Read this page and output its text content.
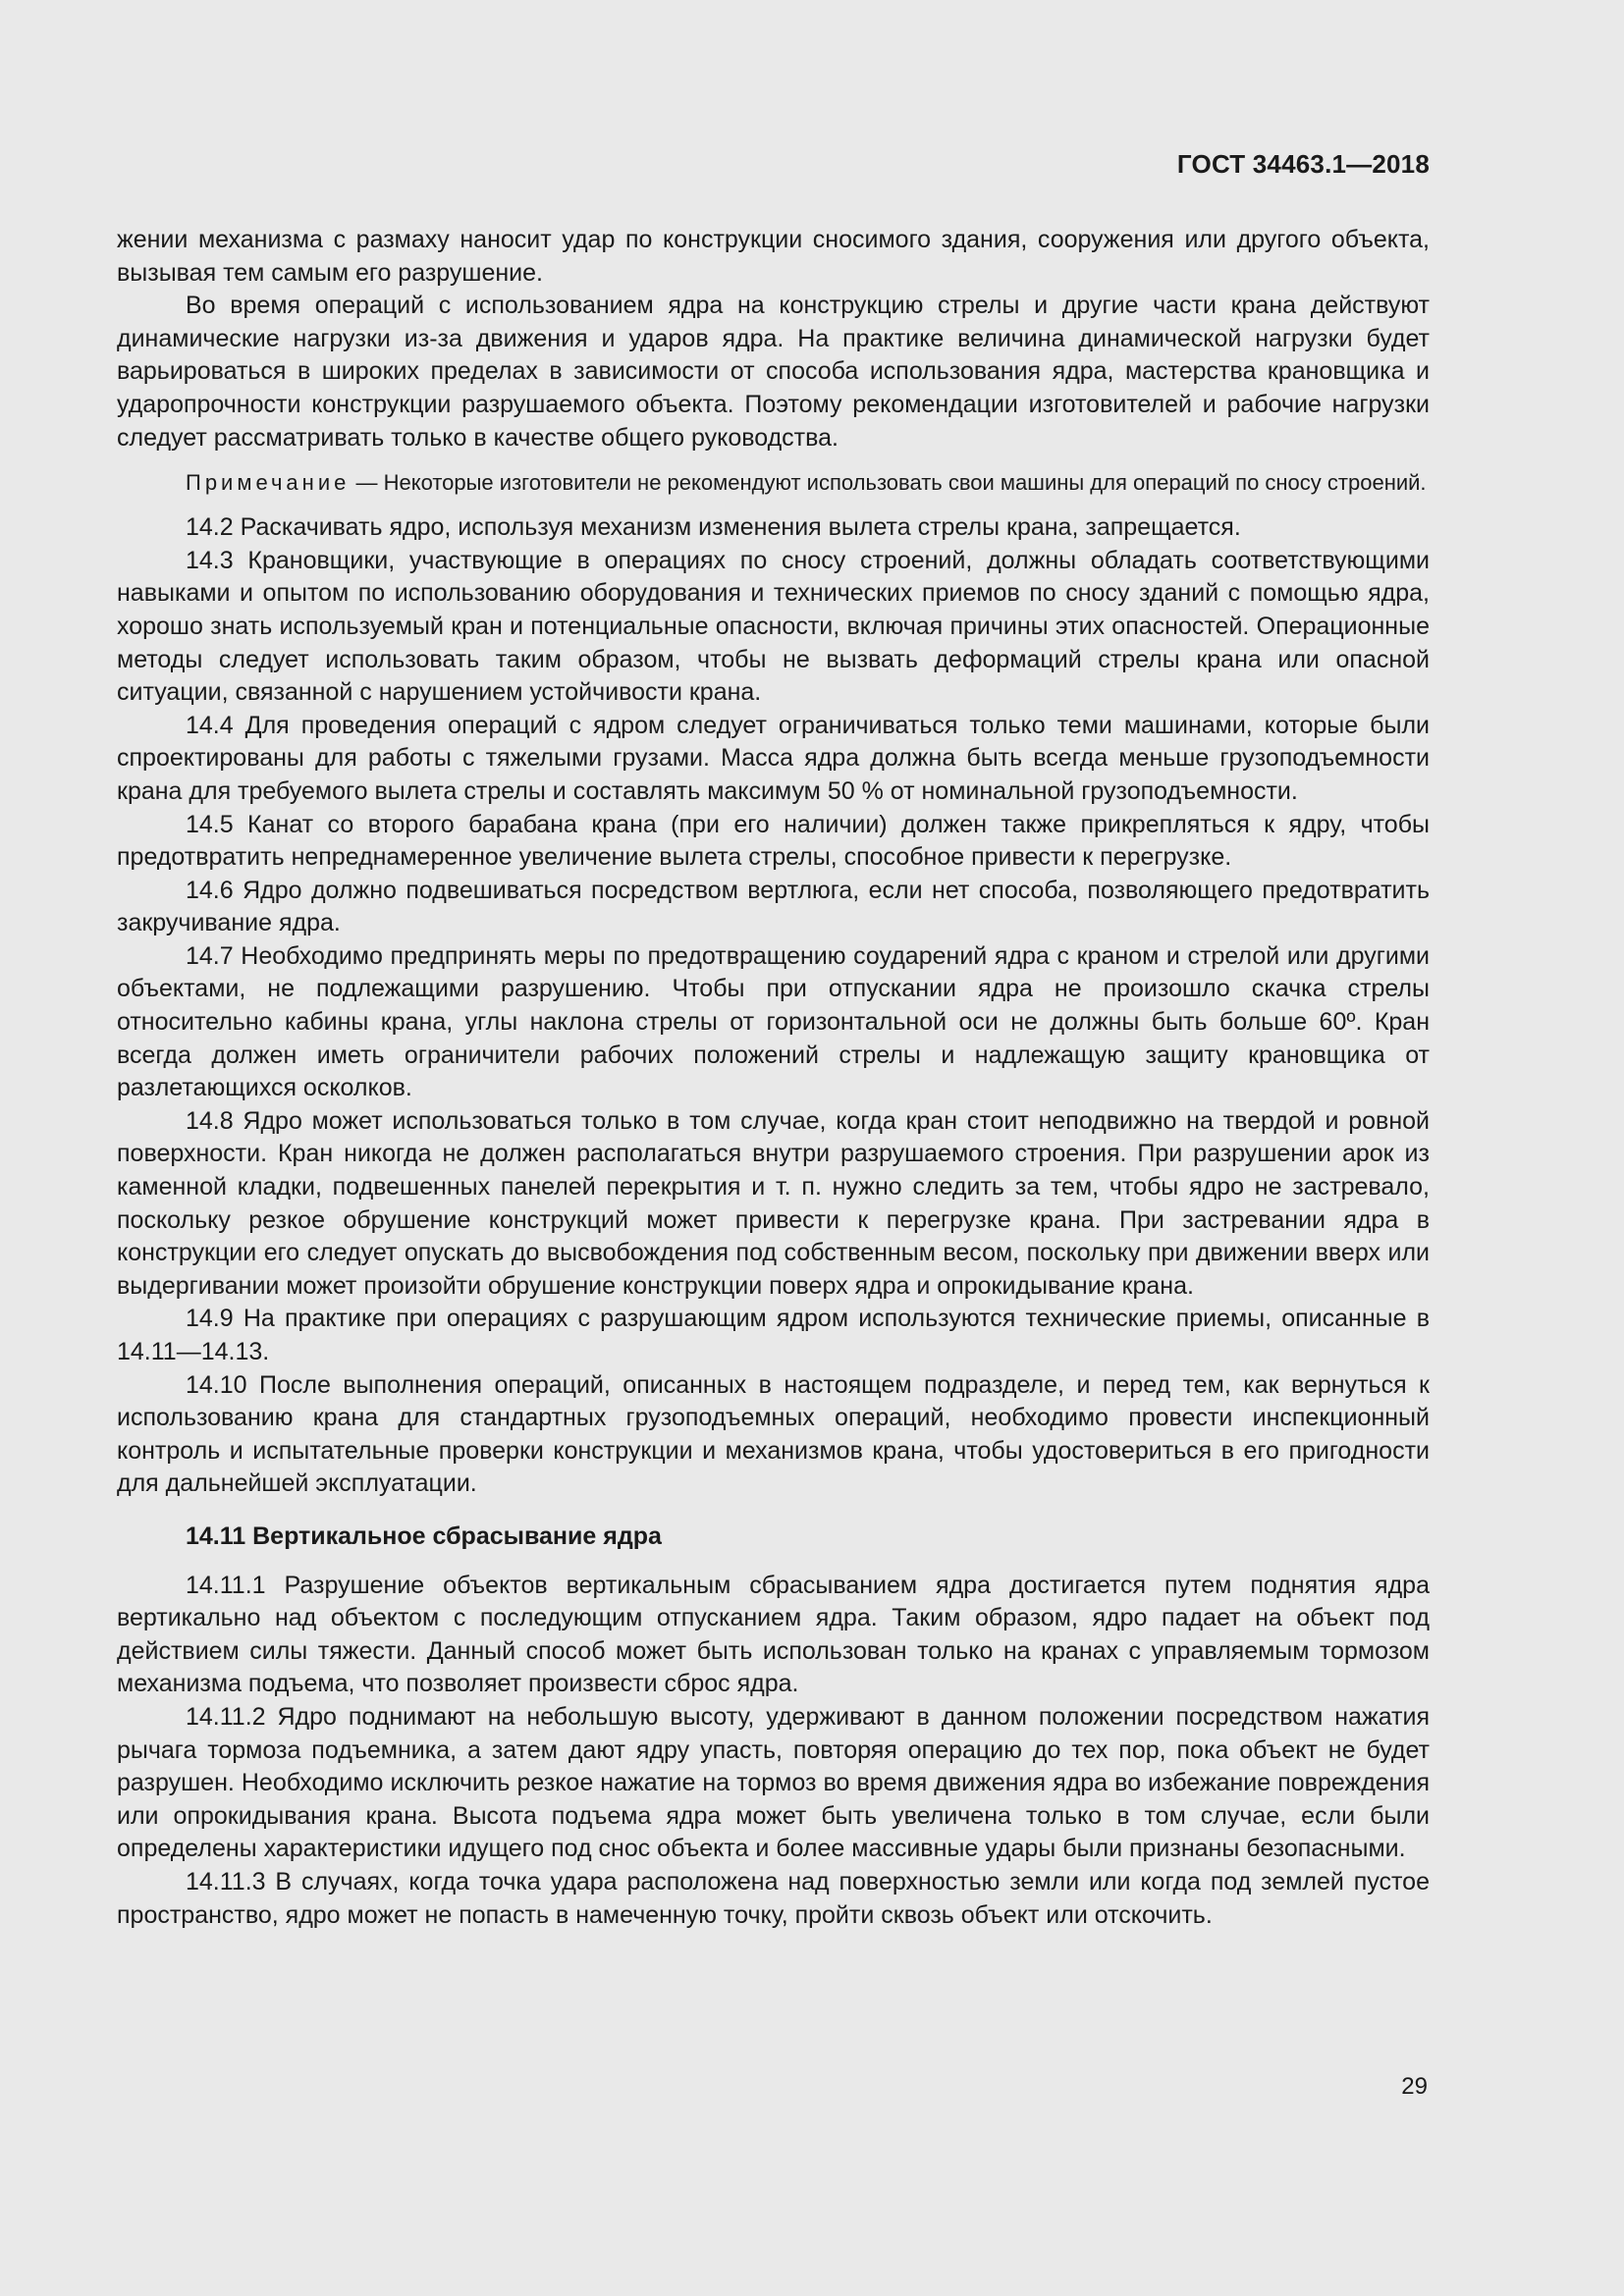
ГОСТ 34463.1—2018

жении механизма с размаху наносит удар по конструкции сносимого здания, сооружения или другого объекта, вызывая тем самым его разрушение.

Во время операций с использованием ядра на конструкцию стрелы и другие части крана действуют динамические нагрузки из-за движения и ударов ядра. На практике величина динамической нагрузки будет варьироваться в широких пределах в зависимости от способа использования ядра, мастерства крановщика и ударопрочности конструкции разрушаемого объекта. Поэтому рекомендации изготовителей и рабочие нагрузки следует рассматривать только в качестве общего руководства.

Примечание — Некоторые изготовители не рекомендуют использовать свои машины для операций по сносу строений.

14.2 Раскачивать ядро, используя механизм изменения вылета стрелы крана, запрещается.

14.3 Крановщики, участвующие в операциях по сносу строений, должны обладать соответствующими навыками и опытом по использованию оборудования и технических приемов по сносу зданий с помощью ядра, хорошо знать используемый кран и потенциальные опасности, включая причины этих опасностей. Операционные методы следует использовать таким образом, чтобы не вызвать деформаций стрелы крана или опасной ситуации, связанной с нарушением устойчивости крана.

14.4 Для проведения операций с ядром следует ограничиваться только теми машинами, которые были спроектированы для работы с тяжелыми грузами. Масса ядра должна быть всегда меньше грузоподъемности крана для требуемого вылета стрелы и составлять максимум 50 % от номинальной грузоподъемности.

14.5 Канат со второго барабана крана (при его наличии) должен также прикрепляться к ядру, чтобы предотвратить непреднамеренное увеличение вылета стрелы, способное привести к перегрузке.

14.6 Ядро должно подвешиваться посредством вертлюга, если нет способа, позволяющего предотвратить закручивание ядра.

14.7 Необходимо предпринять меры по предотвращению соударений ядра с краном и стрелой или другими объектами, не подлежащими разрушению. Чтобы при отпускании ядра не произошло скачка стрелы относительно кабины крана, углы наклона стрелы от горизонтальной оси не должны быть больше 60º. Кран всегда должен иметь ограничители рабочих положений стрелы и надлежащую защиту крановщика от разлетающихся осколков.

14.8 Ядро может использоваться только в том случае, когда кран стоит неподвижно на твердой и ровной поверхности. Кран никогда не должен располагаться внутри разрушаемого строения. При разрушении арок из каменной кладки, подвешенных панелей перекрытия и т. п. нужно следить за тем, чтобы ядро не застревало, поскольку резкое обрушение конструкций может привести к перегрузке крана. При застревании ядра в конструкции его следует опускать до высвобождения под собственным весом, поскольку при движении вверх или выдергивании может произойти обрушение конструкции поверх ядра и опрокидывание крана.

14.9 На практике при операциях с разрушающим ядром используются технические приемы, описанные в 14.11—14.13.

14.10 После выполнения операций, описанных в настоящем подразделе, и перед тем, как вернуться к использованию крана для стандартных грузоподъемных операций, необходимо провести инспекционный контроль и испытательные проверки конструкции и механизмов крана, чтобы удостовериться в его пригодности для дальнейшей эксплуатации.

14.11 Вертикальное сбрасывание ядра

14.11.1 Разрушение объектов вертикальным сбрасыванием ядра достигается путем поднятия ядра вертикально над объектом с последующим отпусканием ядра. Таким образом, ядро падает на объект под действием силы тяжести. Данный способ может быть использован только на кранах с управляемым тормозом механизма подъема, что позволяет произвести сброс ядра.

14.11.2 Ядро поднимают на небольшую высоту, удерживают в данном положении посредством нажатия рычага тормоза подъемника, а затем дают ядру упасть, повторяя операцию до тех пор, пока объект не будет разрушен. Необходимо исключить резкое нажатие на тормоз во время движения ядра во избежание повреждения или опрокидывания крана. Высота подъема ядра может быть увеличена только в том случае, если были определены характеристики идущего под снос объекта и более массивные удары были признаны безопасными.

14.11.3 В случаях, когда точка удара расположена над поверхностью земли или когда под землей пустое пространство, ядро может не попасть в намеченную точку, пройти сквозь объект или отскочить.

29
